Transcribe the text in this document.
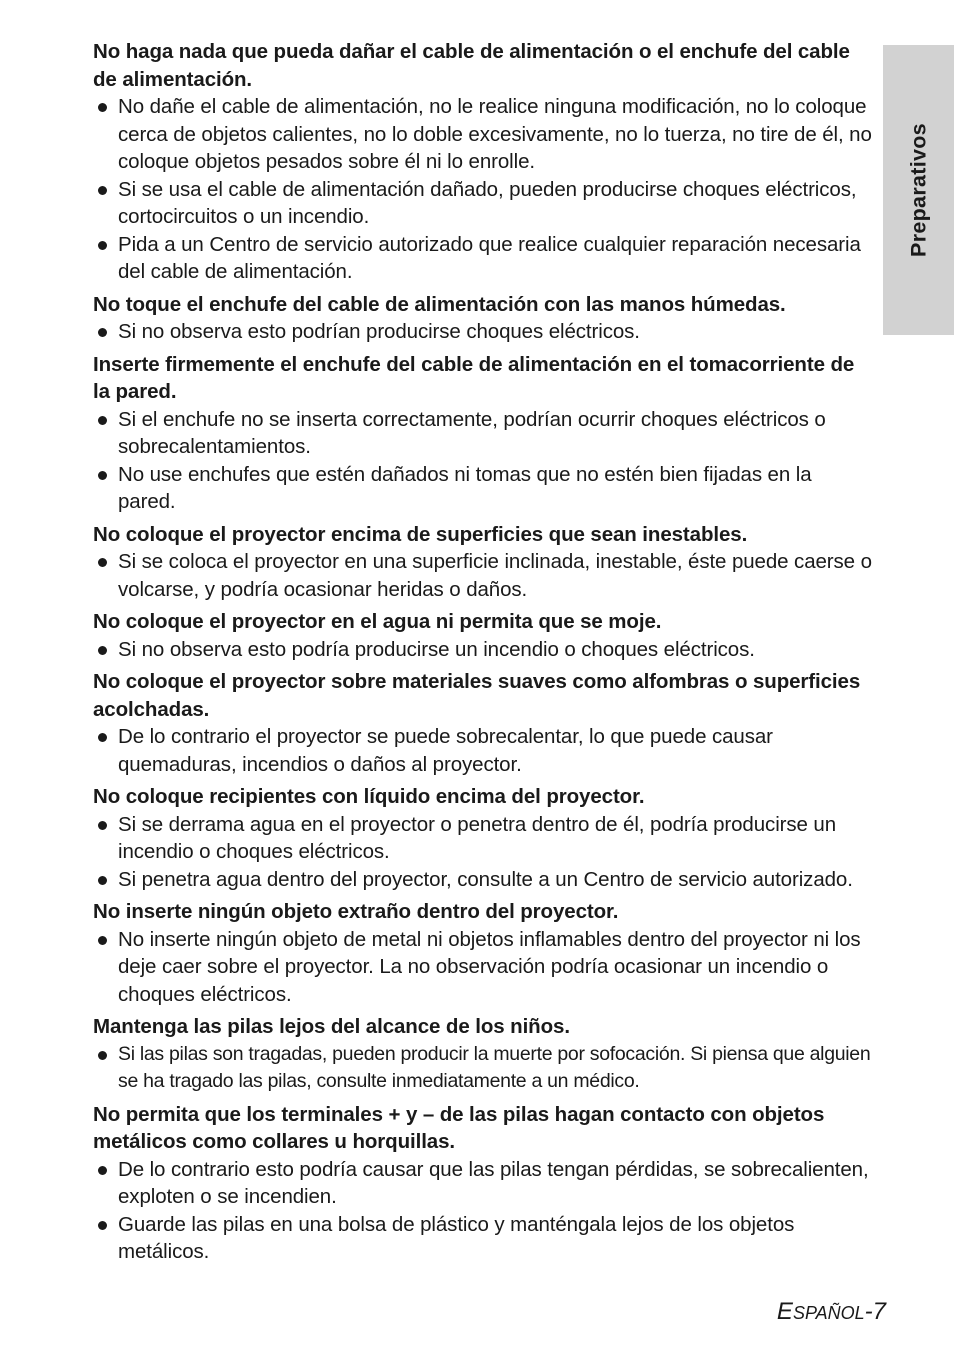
No haga nada que pueda dañar el cable de alimentación o el enchufe del cable de alimentación.

No dañe el cable de alimentación, no le realice ninguna modificación, no lo coloque cerca de objetos calientes, no lo doble excesivamente, no lo tuerza, no tire de él, no coloque objetos pesados sobre él ni lo enrolle.
Si se usa el cable de alimentación dañado, pueden producirse choques eléctricos, cortocircuitos o un incendio.
Pida a un Centro de servicio autorizado que realice cualquier reparación necesaria del cable de alimentación.

No toque el enchufe del cable de alimentación con las manos húmedas.

Si no observa esto podrían producirse choques eléctricos.

Inserte firmemente el enchufe del cable de alimentación en el tomacorriente de la pared.

Si el enchufe no se inserta correctamente, podrían ocurrir choques eléctricos o sobrecalentamientos.
No use enchufes que estén dañados ni tomas que no estén bien fijadas en la pared.

No coloque el proyector encima de superficies que sean inestables.

Si se coloca el proyector en una superficie inclinada, inestable, éste puede caerse o volcarse, y podría ocasionar heridas o daños.

No coloque el proyector en el agua ni permita que se moje.

Si no observa esto podría producirse un incendio o choques eléctricos.

No coloque el proyector sobre materiales suaves como alfombras o superficies acolchadas.

De lo contrario el proyector se puede sobrecalentar, lo que puede causar quemaduras, incendios o daños al proyector.

No coloque recipientes con líquido encima del proyector.

Si se derrama agua en el proyector o penetra dentro de él, podría producirse un incendio o choques eléctricos.
Si penetra agua dentro del proyector, consulte a un Centro de servicio autorizado.

No inserte ningún objeto extraño dentro del proyector.

No inserte ningún objeto de metal ni objetos inflamables dentro del proyector ni los deje caer sobre el proyector. La no observación podría ocasionar un incendio o choques eléctricos.

Mantenga las pilas lejos del alcance de los niños.

Si las pilas son tragadas, pueden producir la muerte por sofocación. Si piensa que alguien se ha tragado las pilas, consulte inmediatamente a un médico.

No permita que los terminales + y – de las pilas hagan contacto con objetos metálicos como collares u horquillas.

De lo contrario esto podría causar que las pilas tengan pérdidas, se sobrecalienten, exploten o se incendien.
Guarde las pilas en una bolsa de plástico y manténgala lejos de los objetos metálicos.
Preparativos
ESPAÑOL-7
